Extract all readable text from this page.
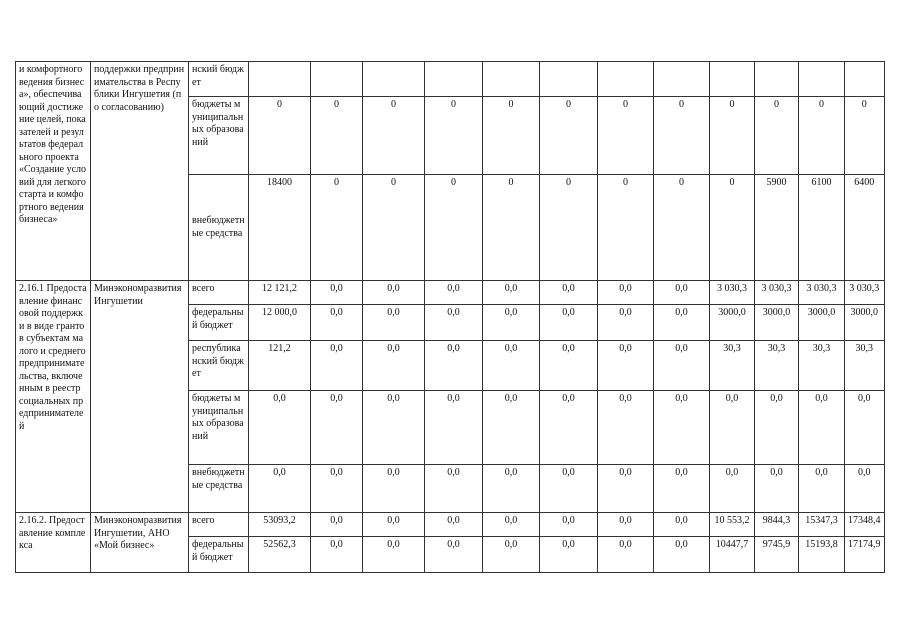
и комфортного ведения бизнеса», обеспечивающий достижение целей, показателей и результатов федерального проекта «Создание условий для легкого старта и комфортного ведения бизнеса»	поддержки предпринимательства в Республики Ингушетия (по согласованию)	нский бюджет												
		бюджеты муниципальных образований	0	0	0	0	0	0	0	0	0	0	0	0
		внебюджетные средства	18400	0	0	0	0	0	0	0	0	5900	6100	6400
2.16.1 Предоставление финансовой поддержки в виде грантов субъектам малого и среднего предпринимательства, включенным в реестр социальных предпринимателей	Минэкономразвития Ингушетии	всего	12 121,2	0,0	0,0	0,0	0,0	0,0	0,0	0,0	3 030,3	3 030,3	3 030,3	3 030,3
		федеральный бюджет	12 000,0	0,0	0,0	0,0	0,0	0,0	0,0	0,0	3000,0	3000,0	3000,0	3000,0
		республиканский бюджет	121,2	0,0	0,0	0,0	0,0	0,0	0,0	0,0	30,3	30,3	30,3	30,3
		бюджеты муниципальных образований	0,0	0,0	0,0	0,0	0,0	0,0	0,0	0,0	0,0	0,0	0,0	0,0
		внебюджетные средства	0,0	0,0	0,0	0,0	0,0	0,0	0,0	0,0	0,0	0,0	0,0	0,0
2.16.2. Предоставление комплекса	Минэкономразвития Ингушетии, АНО «Мой бизнес»	всего	53093,2	0,0	0,0	0,0	0,0	0,0	0,0	0,0	10 553,2	9844,3	15347,3	17348,4
		федеральный бюджет	52562,3	0,0	0,0	0,0	0,0	0,0	0,0	0,0	10447,7	9745,9	15193,8	17174,9
